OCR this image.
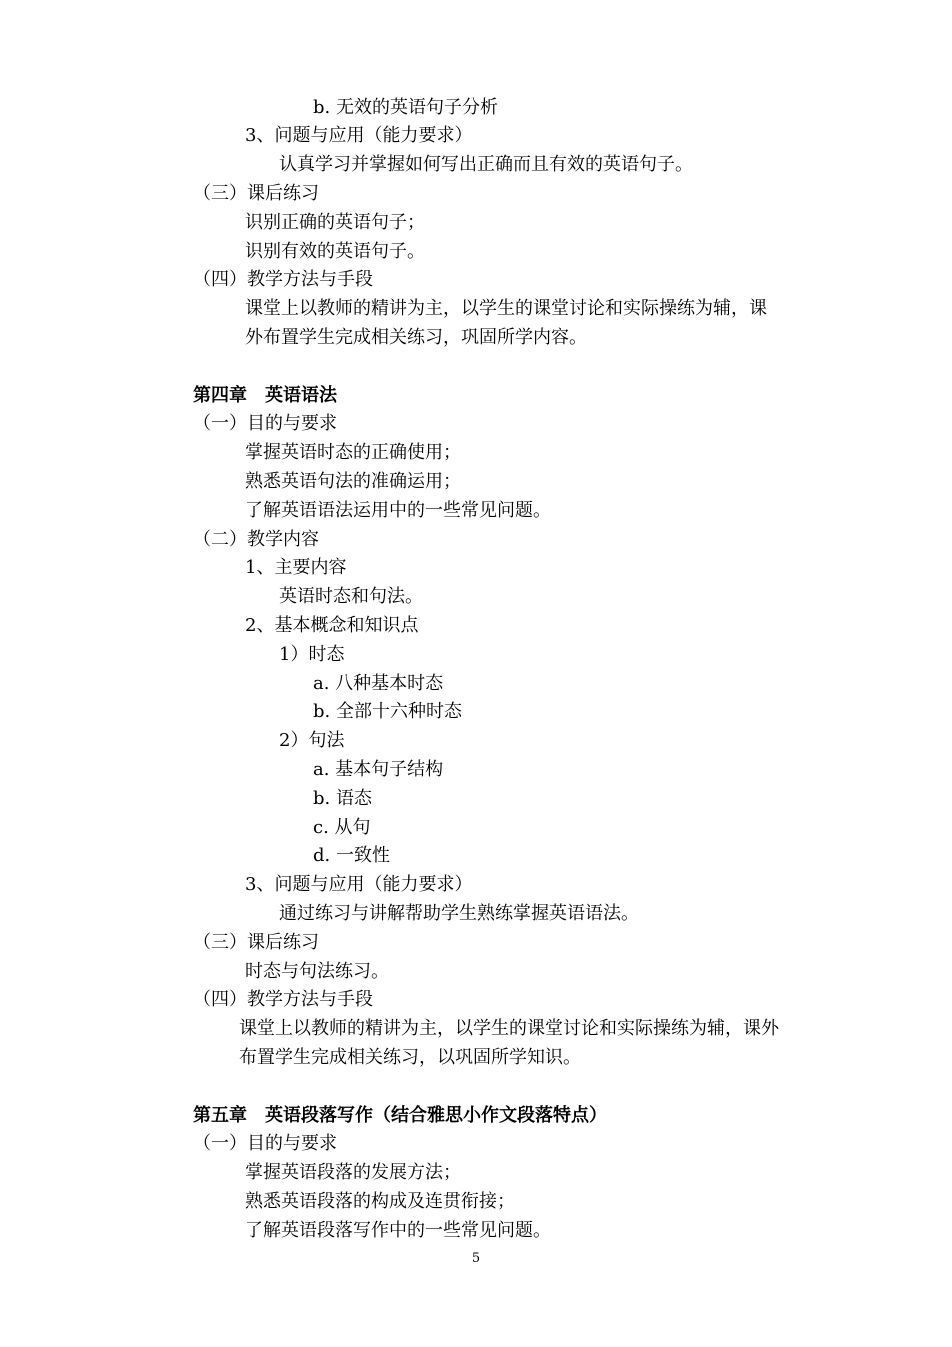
b. 无效的英语句子分析
3、问题与应用（能力要求）
认真学习并掌握如何写出正确而且有效的英语句子。
（三）课后练习
识别正确的英语句子；
识别有效的英语句子。
（四）教学方法与手段
课堂上以教师的精讲为主，以学生的课堂讨论和实际操练为辅，课
外布置学生完成相关练习，巩固所学内容。
第四章　英语语法
（一）目的与要求
掌握英语时态的正确使用；
熟悉英语句法的准确运用；
了解英语语法运用中的一些常见问题。
（二）教学内容
1、主要内容
英语时态和句法。
2、基本概念和知识点
1）时态
a. 八种基本时态
b. 全部十六种时态
2）句法
a. 基本句子结构
b. 语态
c. 从句
d. 一致性
3、问题与应用（能力要求）
通过练习与讲解帮助学生熟练掌握英语语法。
（三）课后练习
时态与句法练习。
（四）教学方法与手段
课堂上以教师的精讲为主，以学生的课堂讨论和实际操练为辅，课外
布置学生完成相关练习，以巩固所学知识。
第五章　英语段落写作（结合雅思小作文段落特点）
（一）目的与要求
掌握英语段落的发展方法；
熟悉英语段落的构成及连贯衔接；
了解英语段落写作中的一些常见问题。
5
